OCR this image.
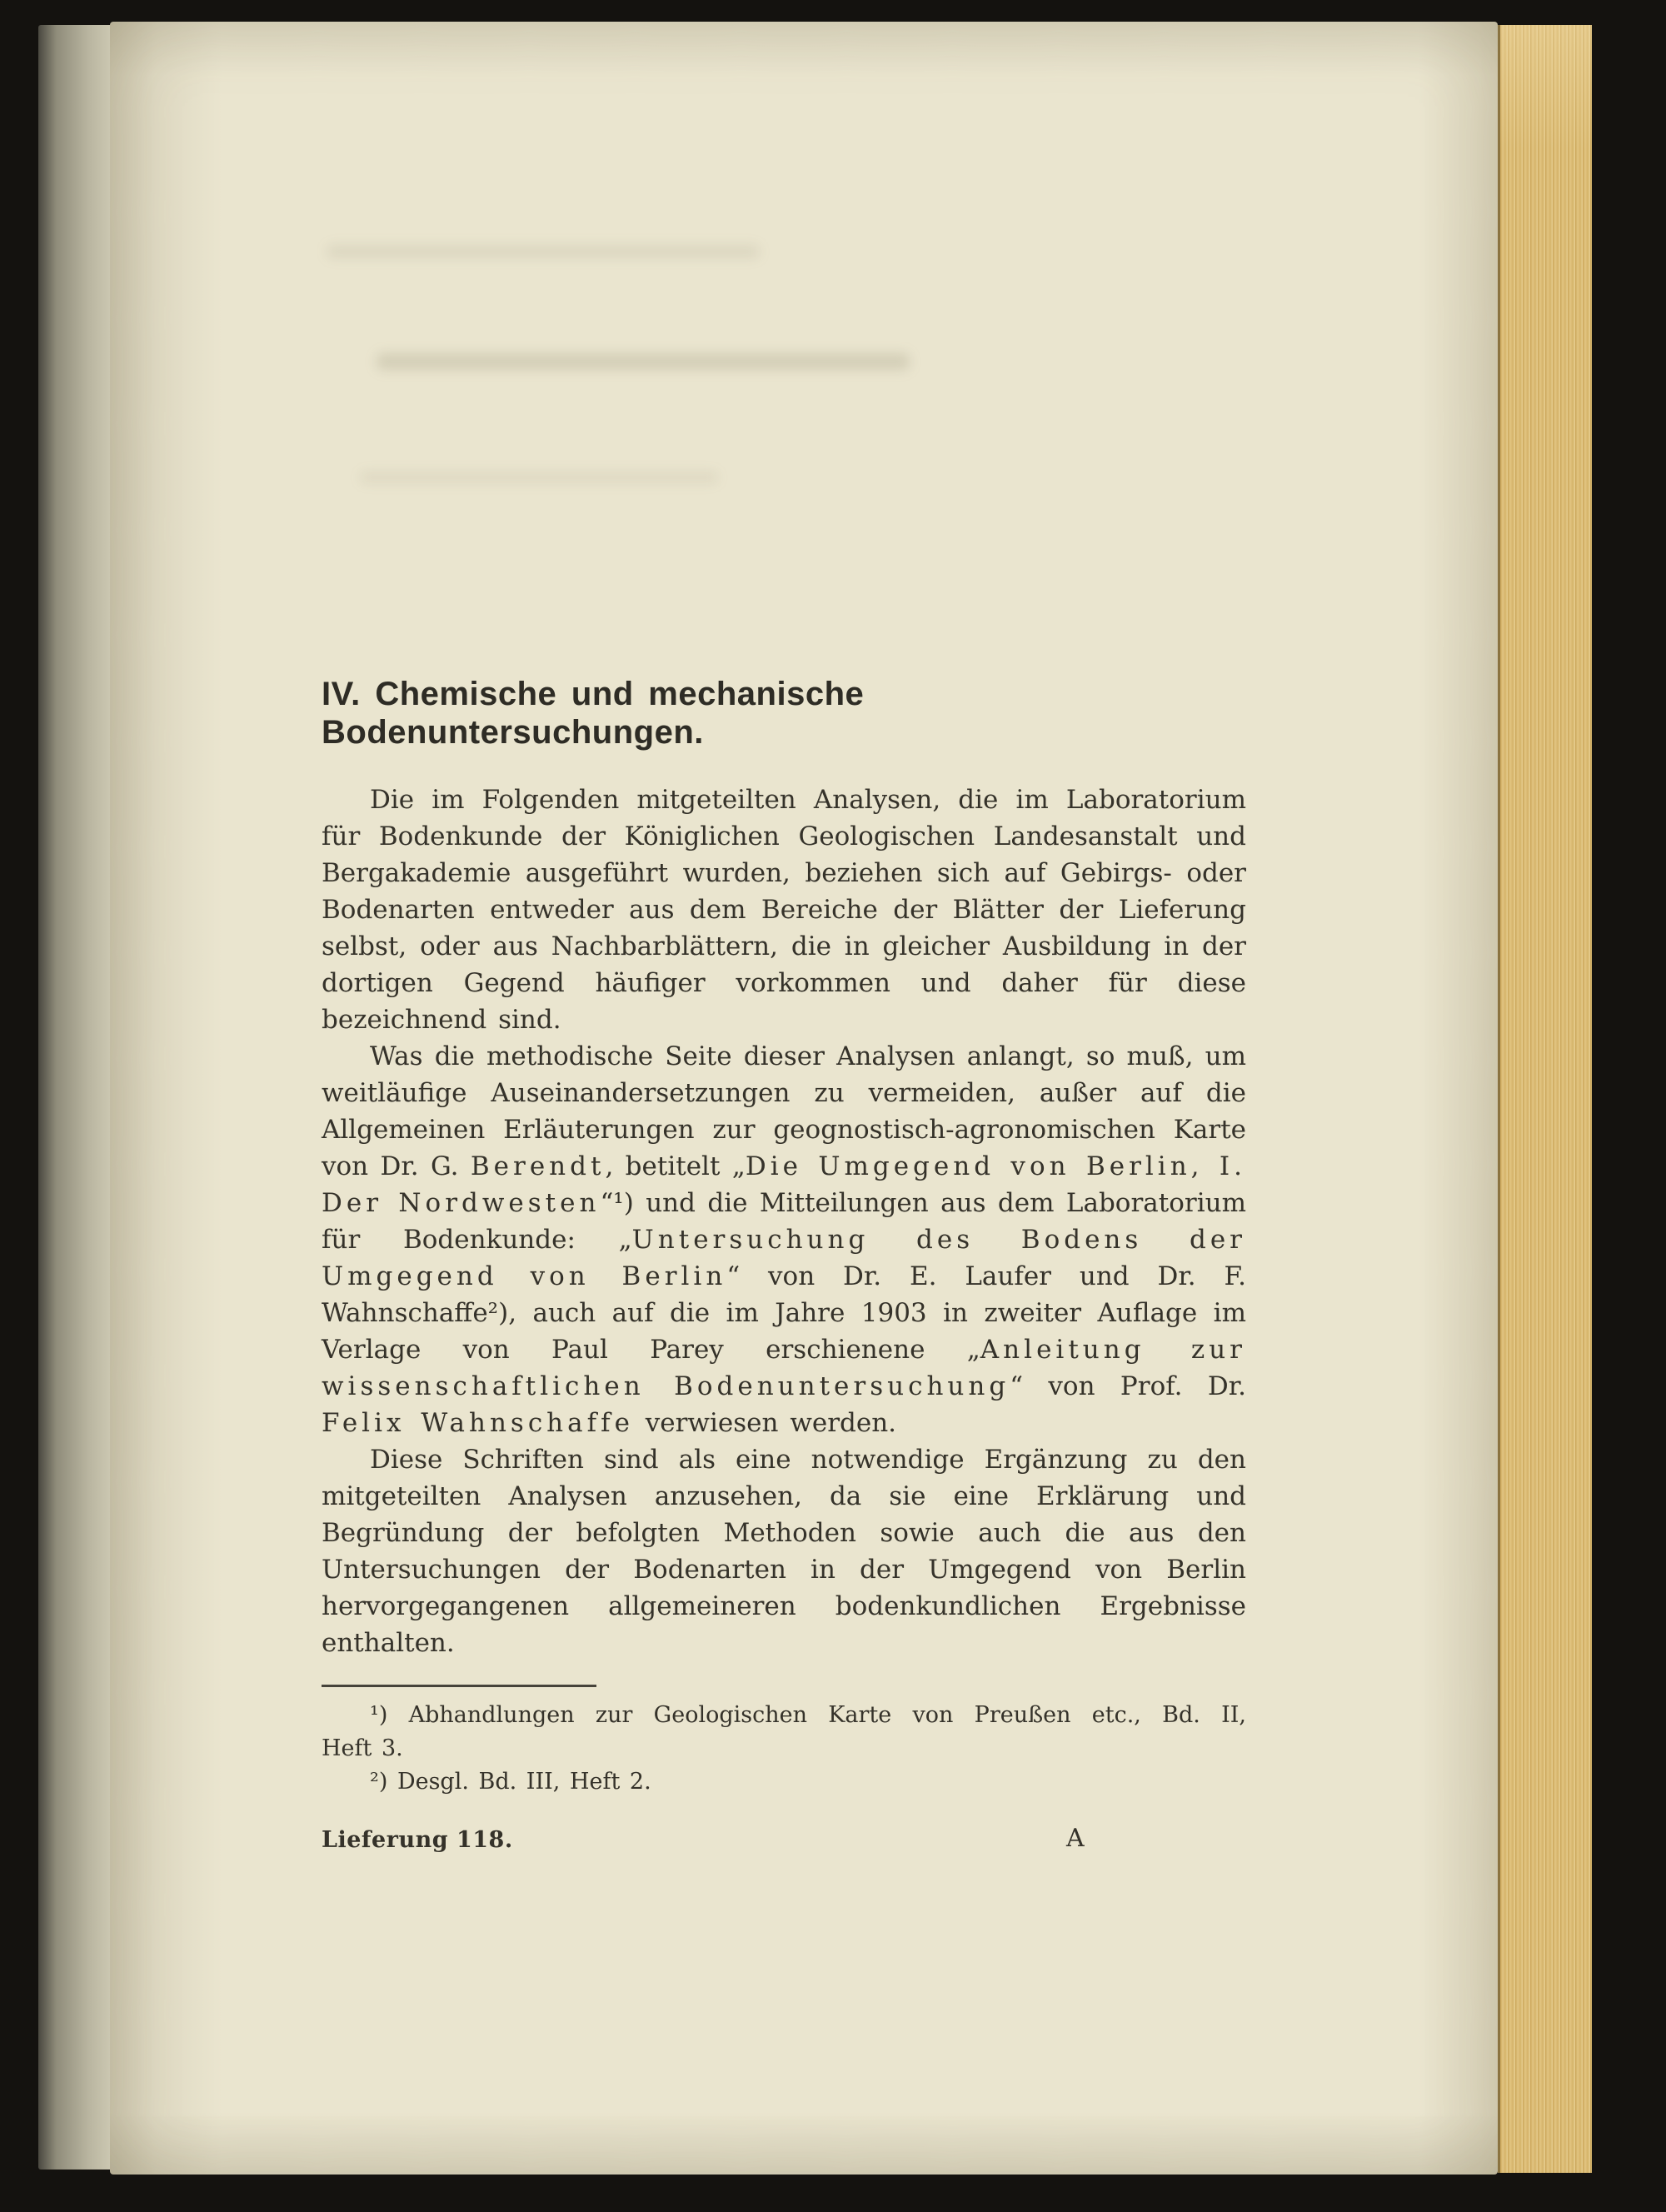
IV. Chemische und mechanische Bodenuntersuchungen.

Die im Folgenden mitgeteilten Analysen, die im Laboratorium für Bodenkunde der Königlichen Geologischen Landesanstalt und Bergakademie ausgeführt wurden, beziehen sich auf Gebirgs- oder Bodenarten entweder aus dem Bereiche der Blätter der Lieferung selbst, oder aus Nachbarblättern, die in gleicher Ausbildung in der dortigen Gegend häufiger vorkommen und daher für diese bezeichnend sind.

Was die methodische Seite dieser Analysen anlangt, so muß, um weitläufige Auseinandersetzungen zu vermeiden, außer auf die Allgemeinen Erläuterungen zur geognostisch-agronomischen Karte von Dr. G. Berendt, betitelt „Die Umgegend von Berlin, I. Der Nordwesten“¹) und die Mitteilungen aus dem Laboratorium für Bodenkunde: „Untersuchung des Bodens der Umgegend von Berlin“ von Dr. E. Laufer und Dr. F. Wahnschaffe²), auch auf die im Jahre 1903 in zweiter Auflage im Verlage von Paul Parey erschienene „Anleitung zur wissenschaftlichen Bodenuntersuchung“ von Prof. Dr. Felix Wahnschaffe verwiesen werden.

Diese Schriften sind als eine notwendige Ergänzung zu den mitgeteilten Analysen anzusehen, da sie eine Erklärung und Begründung der befolgten Methoden sowie auch die aus den Untersuchungen der Bodenarten in der Umgegend von Berlin hervorgegangenen allgemeineren bodenkundlichen Ergebnisse enthalten.

¹) Abhandlungen zur Geologischen Karte von Preußen etc., Bd. II,
Heft 3.
²) Desgl. Bd. III, Heft 2.
Lieferung 118.	A
